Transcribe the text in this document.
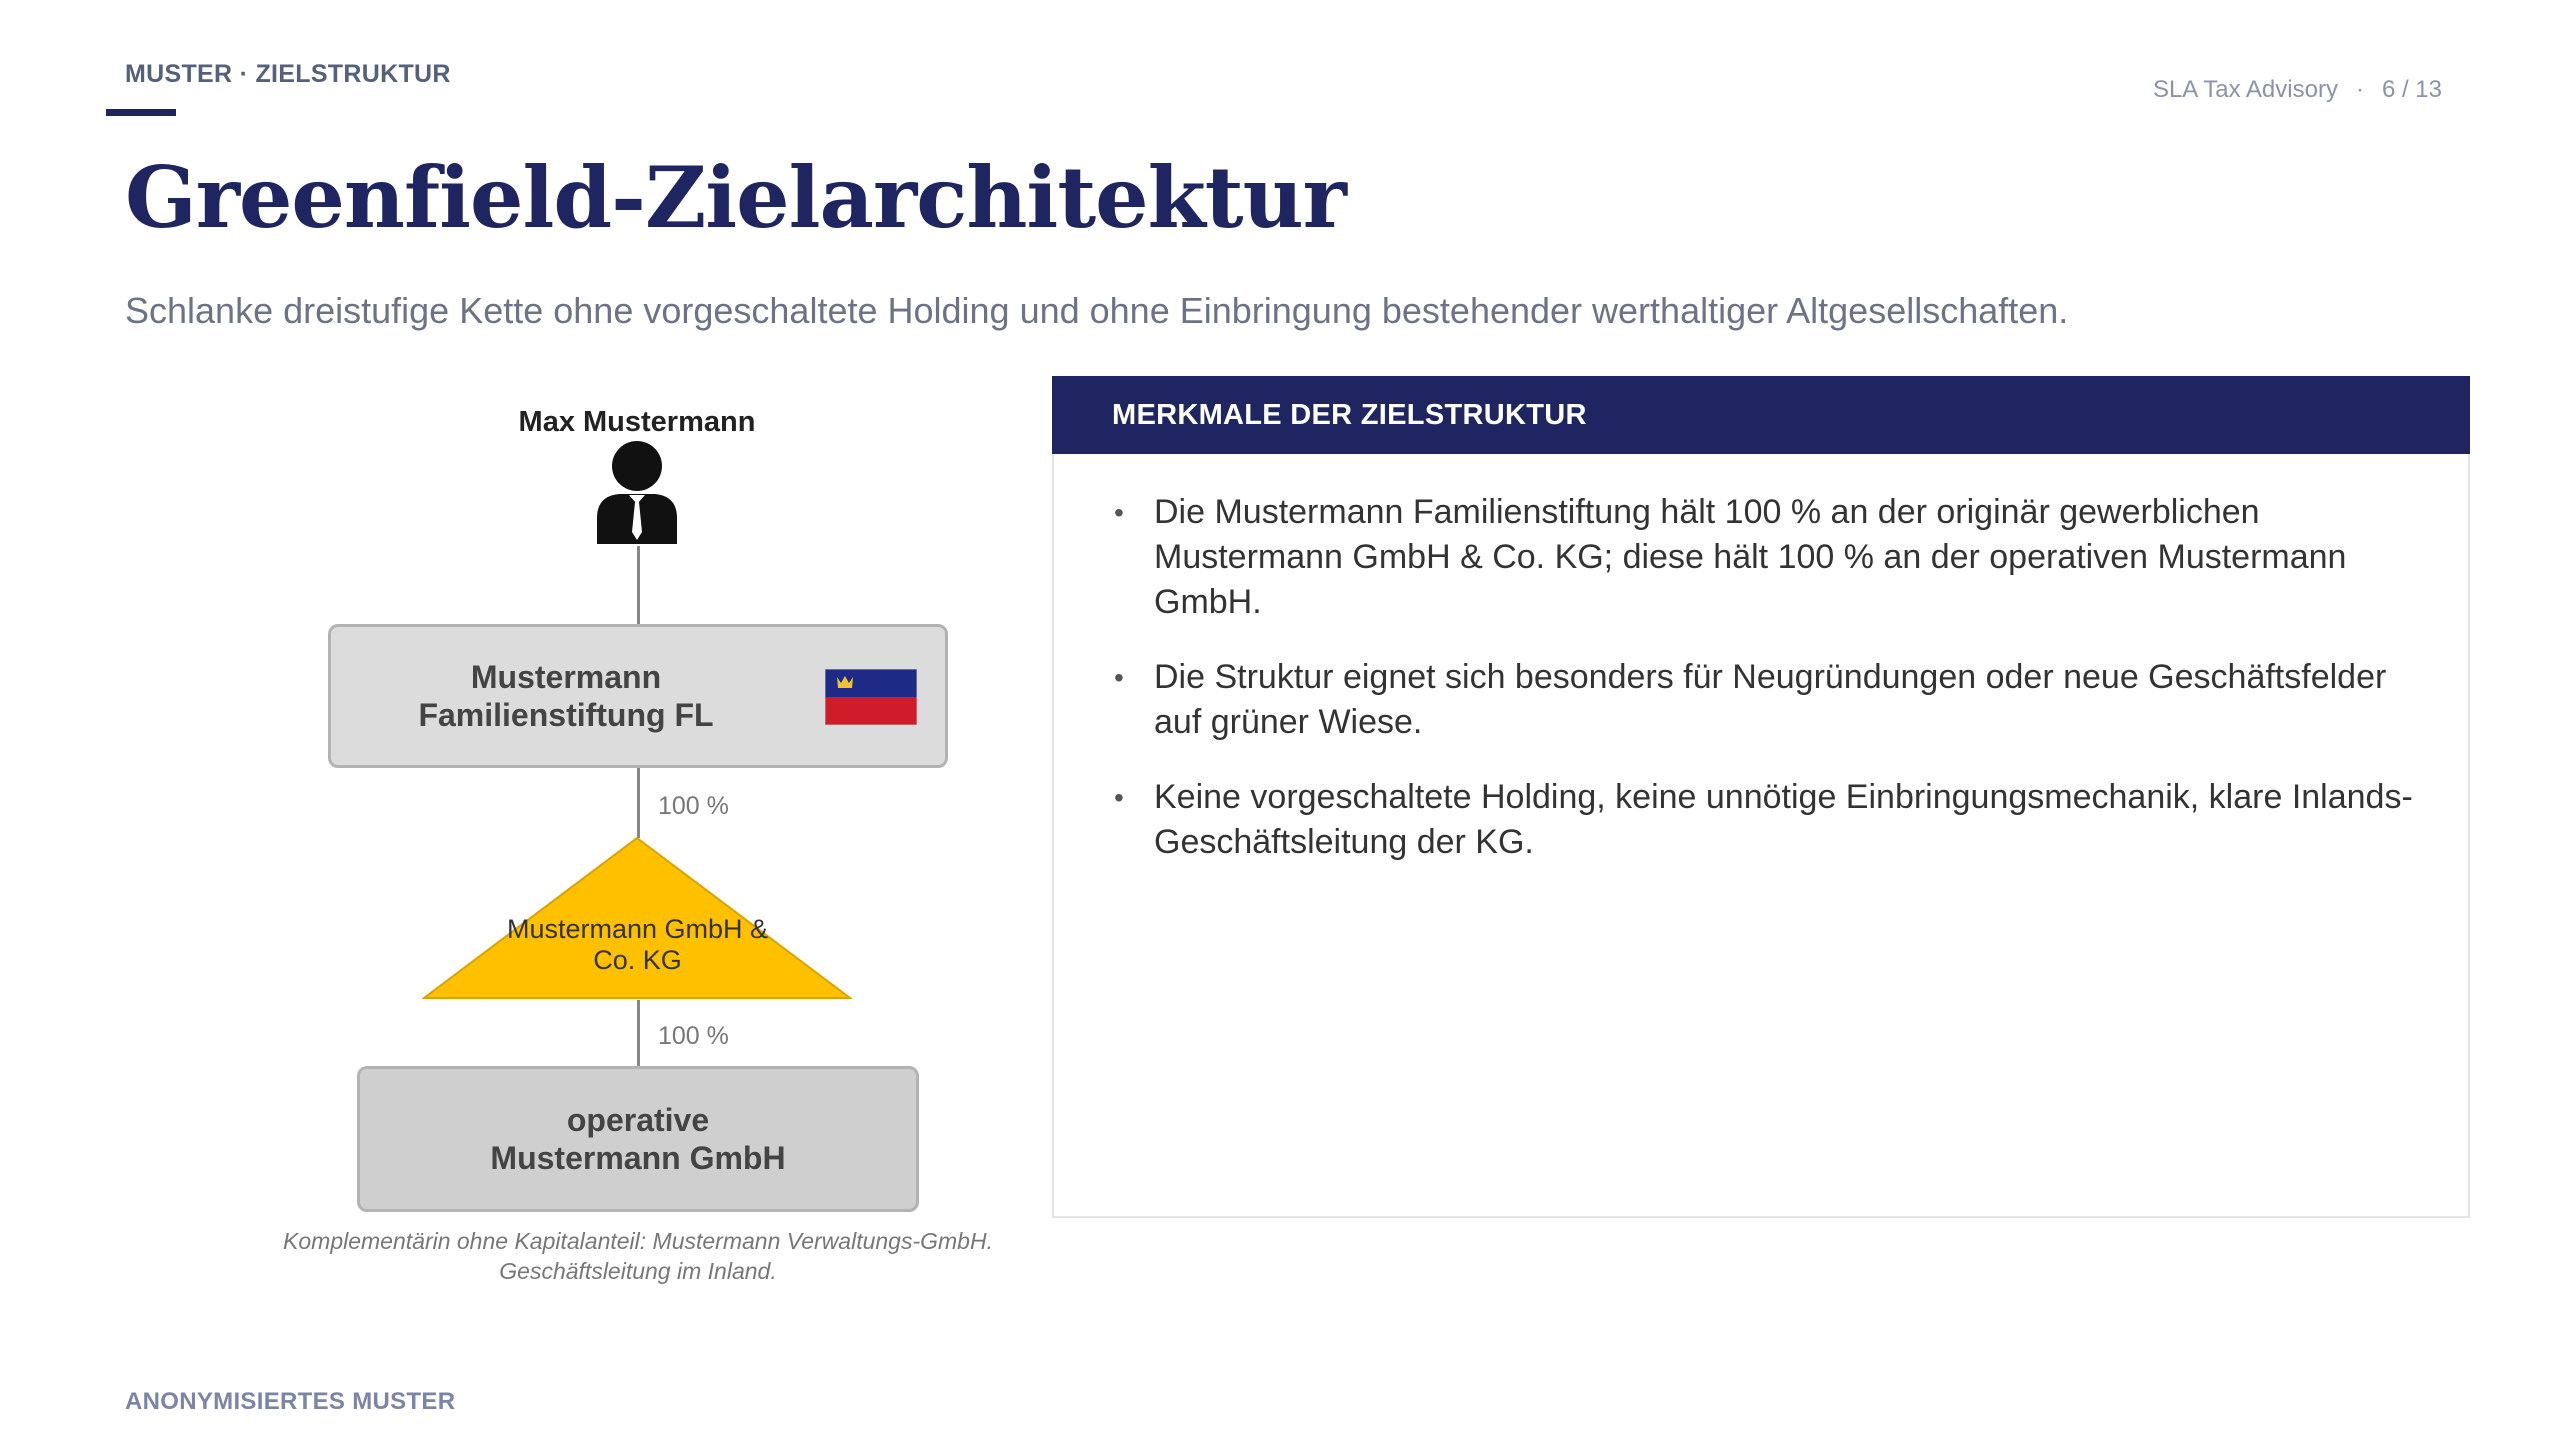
MUSTER · ZIELSTRUKTUR
SLA Tax Advisory · 6 / 13
Greenfield-Zielarchitektur
Schlanke dreistufige Kette ohne vorgeschaltete Holding und ohne Einbringung bestehender werthaltiger Altgesellschaften.
Max Mustermann
Mustermann
Familienstiftung FL
100 %
Mustermann GmbH &
Co. KG
100 %
operative
Mustermann GmbH
Komplementärin ohne Kapitalanteil: Mustermann Verwaltungs-GmbH.
Geschäftsleitung im Inland.
MERKMALE DER ZIELSTRUKTUR
• Die Mustermann Familienstiftung hält 100 % an der originär gewerblichen Mustermann GmbH & Co. KG; diese hält 100 % an der operativen Mustermann GmbH.
• Die Struktur eignet sich besonders für Neugründungen oder neue Geschäftsfelder auf grüner Wiese.
• Keine vorgeschaltete Holding, keine unnötige Einbringungsmechanik, klare Inlands-Geschäftsleitung der KG.
ANONYMISIERTES MUSTER
